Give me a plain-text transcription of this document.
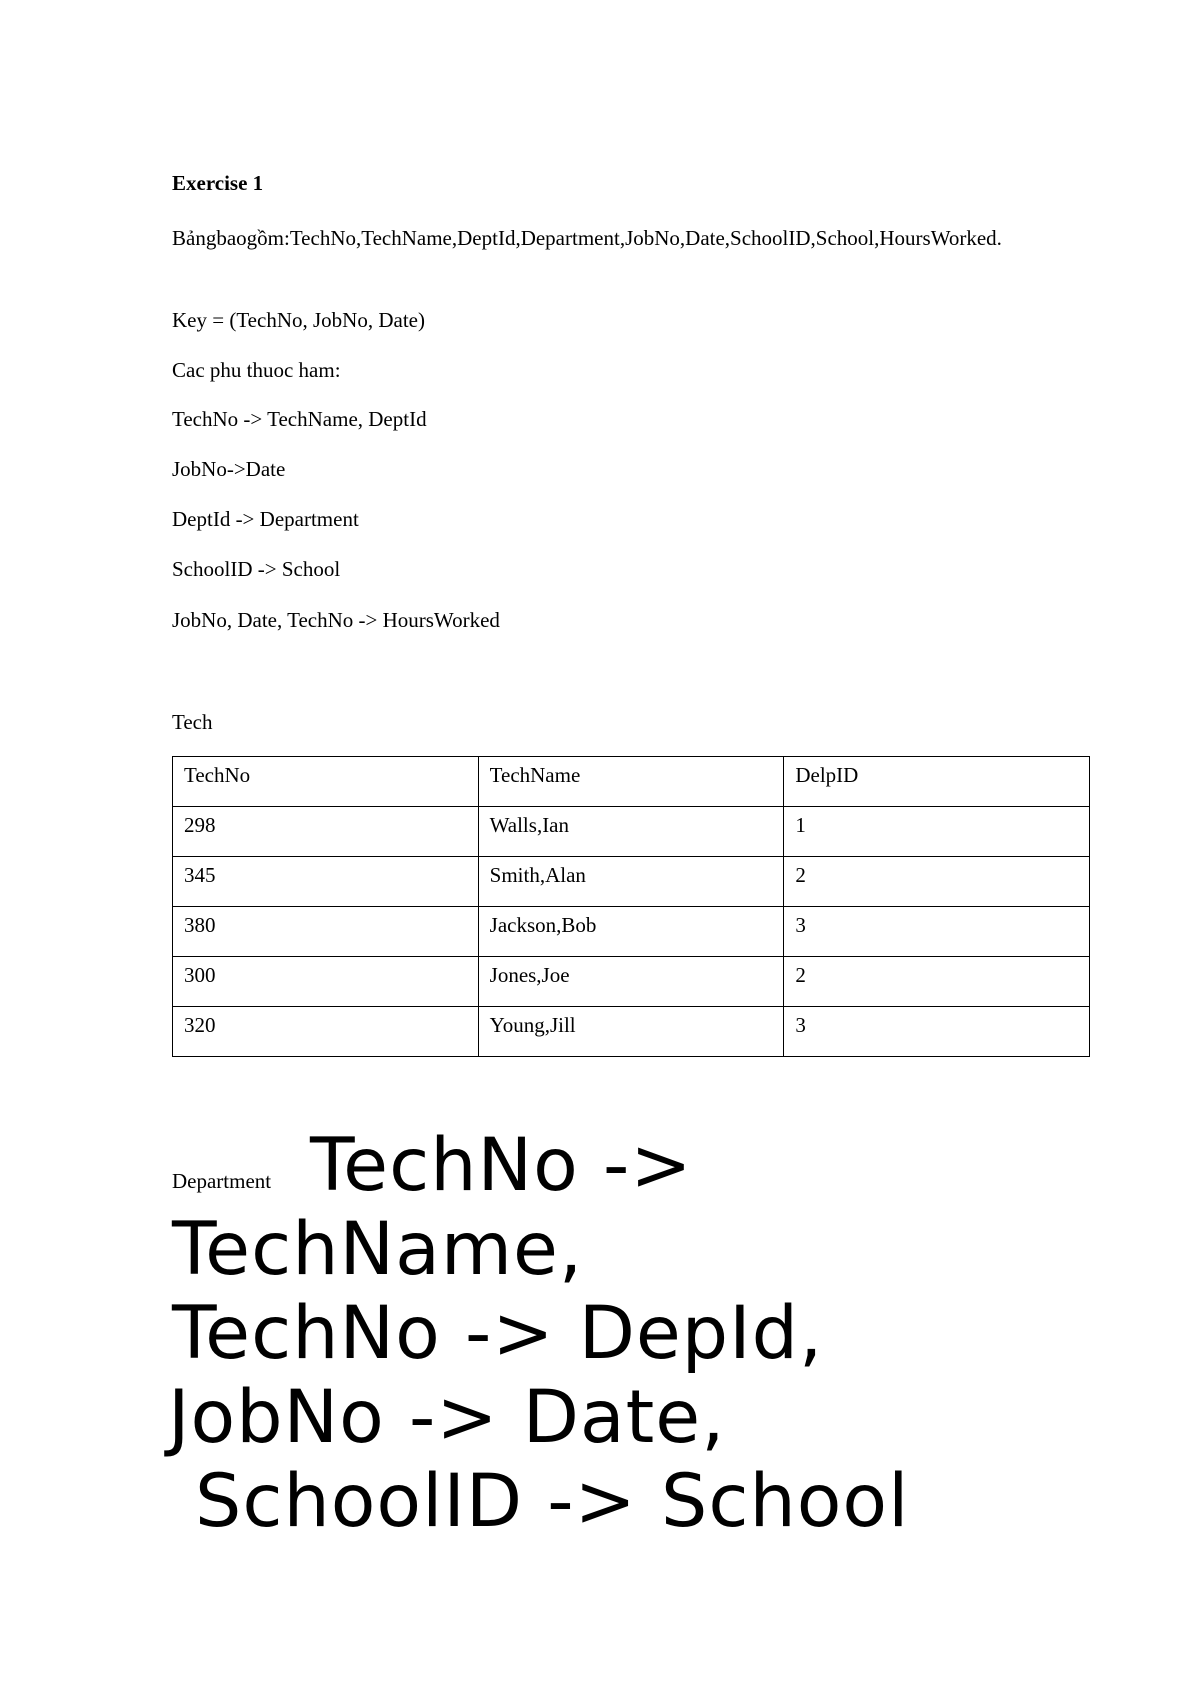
Exercise 1
Bảngbaogồm:TechNo,TechName,DeptId,Department,JobNo,Date,SchoolID,School,HoursWorked.
Key = (TechNo, JobNo, Date)
Cac phu thuoc ham:
TechNo -> TechName, DeptId
JobNo->Date
DeptId -> Department
SchoolID -> School
JobNo, Date, TechNo -> HoursWorked
Tech
TechNo	TechName	DelpID
298	Walls,Ian	1
345	Smith,Alan	2
380	Jackson,Bob	3
300	Jones,Joe	2
320	Young,Jill	3
Department TechNo ->
TechName,
TechNo -> DepId,
JobNo -> Date,
SchoolID -> School
